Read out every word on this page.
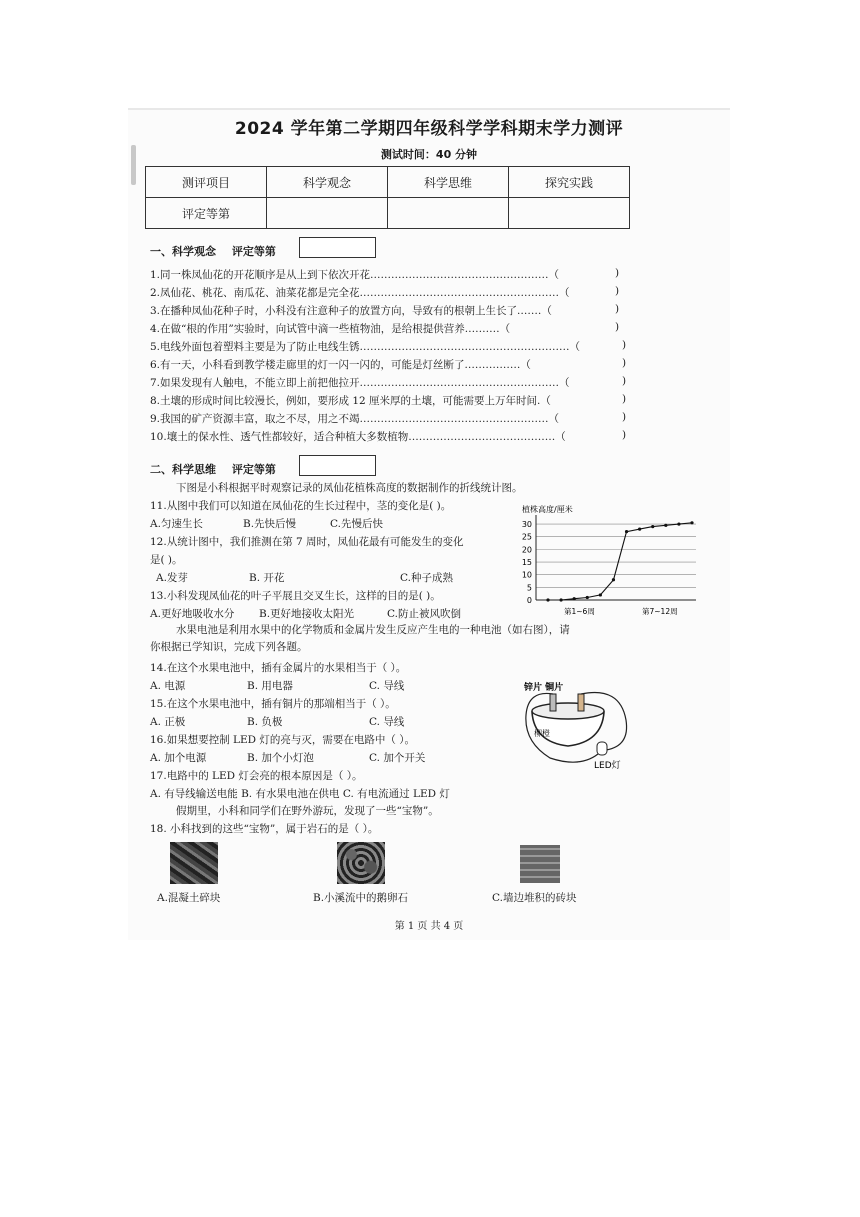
2024 学年第二学期四年级科学学科期末学力测评
测试时间：40 分钟
测评项目	科学观念	科学思维	探究实践
评定等第			
一、科学观念 评定等第
1.同一株凤仙花的开花顺序是从上到下依次开花……………………………………………（
2.凤仙花、桃花、南瓜花、油菜花都是完全花…………………………………………………（
3.在播种凤仙花种子时，小科没有注意种子的放置方向，导致有的根朝上生长了.……（
4.在做“根的作用”实验时，向试管中滴一些植物油，是给根提供营养.………（
5.电线外面包着塑料主要是为了防止电线生锈……………………………………………………（
6.有一天，小科看到教学楼走廊里的灯一闪一闪的，可能是灯丝断了.……………（
7.如果发现有人触电，不能立即上前把他拉开…………………………………………………（
8.土壤的形成时间比较漫长，例如，要形成 12 厘米厚的土壤，可能需要上万年时间.（
9.我国的矿产资源丰富，取之不尽，用之不竭………………………………………………（
10.壤土的保水性、透气性都较好，适合种植大多数植物……………………………………（
)
)
)
)
)
)
)
)
)
)
二、科学思维 评定等第
下图是小科根据平时观察记录的凤仙花植株高度的数据制作的折线统计图。
11.从图中我们可以知道在凤仙花的生长过程中，茎的变化是( )。
A.匀速生长	B.先快后慢	C.先慢后快
12.从统计图中，我们推测在第 7 周时，凤仙花最有可能发生的变化
是( )。
A.发芽	B. 开花	C.种子成熟
13.小科发现凤仙花的叶子平展且交叉生长，这样的目的是( )。
A.更好地吸收水分 B.更好地接收太阳光	C.防止被风吹倒
植株高度/厘米
0
5
10
15
20
25
30
第1~6周	第7~12周
水果电池是利用水果中的化学物质和金属片发生反应产生电的一种电池（如右图），请
你根据已学知识，完成下列各题。
14.在这个水果电池中，插有金属片的水果相当于（ ）。
A. 电源	B. 用电器	C. 导线
15.在这个水果电池中，插有铜片的那端相当于（ ）。
A. 正极	B. 负极	C. 导线
16.如果想要控制 LED 灯的亮与灭，需要在电路中（ ）。
A. 加个电源	B. 加个小灯泡	C. 加个开关
17.电路中的 LED 灯会亮的根本原因是（ ）。
A. 有导线输送电能 B. 有水果电池在供电 C. 有电流通过 LED 灯
假期里，小科和同学们在野外游玩，发现了一些“宝物”。
18. 小科找到的这些“宝物”，属于岩石的是（ ）。
锌片 铜片
柳橙
LED灯
A.混凝土碎块	B.小溪流中的鹅卵石	C.墙边堆积的砖块
第 1 页 共 4 页
